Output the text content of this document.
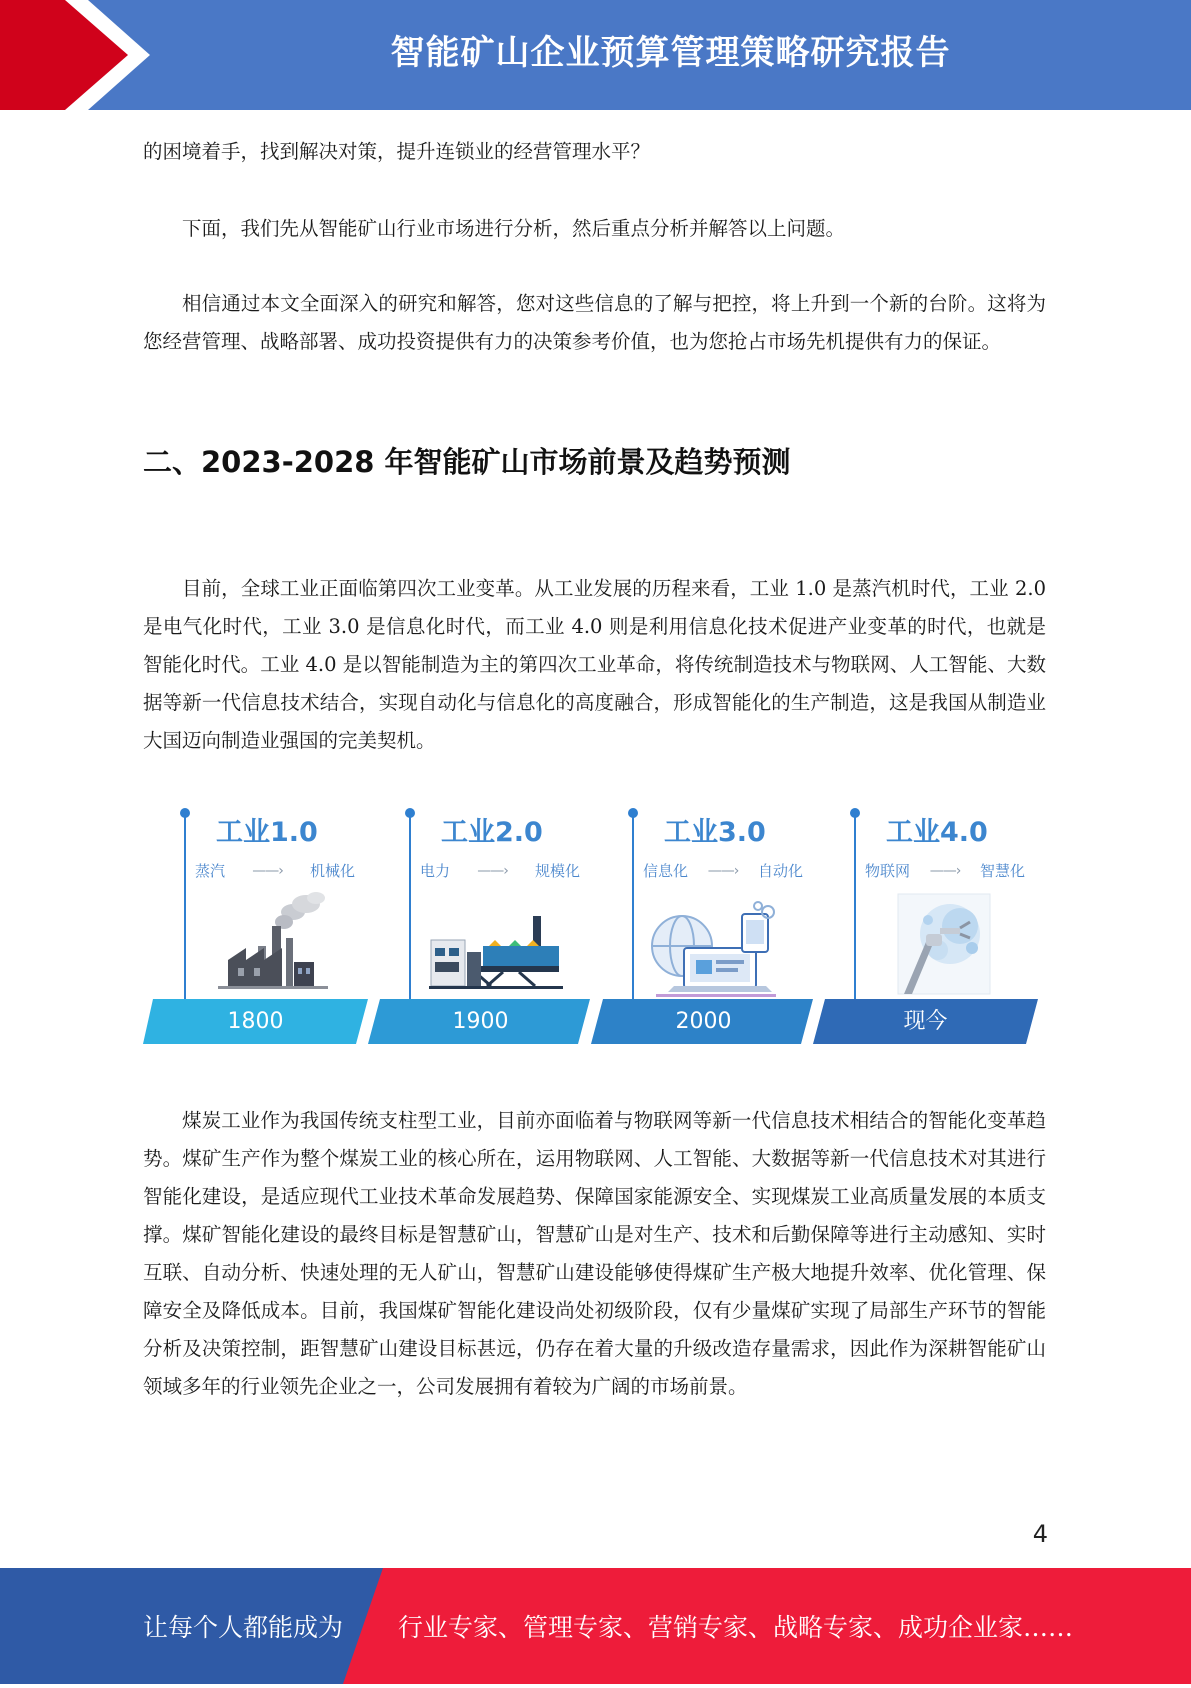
智能矿山企业预算管理策略研究报告

的困境着手，找到解决对策，提升连锁业的经营管理水平？

下面，我们先从智能矿山行业市场进行分析，然后重点分析并解答以上问题。

相信通过本文全面深入的研究和解答，您对这些信息的了解与把控，将上升到一个新的台阶。这将为您经营管理、战略部署、成功投资提供有力的决策参考价值，也为您抢占市场先机提供有力的保证。

二、2023-2028 年智能矿山市场前景及趋势预测

目前，全球工业正面临第四次工业变革。从工业发展的历程来看，工业 1.0 是蒸汽机时代，工业 2.0 是电气化时代，工业 3.0 是信息化时代，而工业 4.0 则是利用信息化技术促进产业变革的时代，也就是智能化时代。工业 4.0 是以智能制造为主的第四次工业革命，将传统制造技术与物联网、人工智能、大数据等新一代信息技术结合，实现自动化与信息化的高度融合，形成智能化的生产制造，这是我国从制造业大国迈向制造业强国的完美契机。

工业1.0
蒸汽 ——› 机械化
1800
工业2.0
电力 ——› 规模化
1900
工业3.0
信息化 ——› 自动化
2000
工业4.0
物联网 ——› 智慧化
现今

煤炭工业作为我国传统支柱型工业，目前亦面临着与物联网等新一代信息技术相结合的智能化变革趋势。煤矿生产作为整个煤炭工业的核心所在，运用物联网、人工智能、大数据等新一代信息技术对其进行智能化建设，是适应现代工业技术革命发展趋势、保障国家能源安全、实现煤炭工业高质量发展的本质支撑。煤矿智能化建设的最终目标是智慧矿山，智慧矿山是对生产、技术和后勤保障等进行主动感知、实时互联、自动分析、快速处理的无人矿山，智慧矿山建设能够使得煤矿生产极大地提升效率、优化管理、保障安全及降低成本。目前，我国煤矿智能化建设尚处初级阶段，仅有少量煤矿实现了局部生产环节的智能分析及决策控制，距智慧矿山建设目标甚远，仍存在着大量的升级改造存量需求，因此作为深耕智能矿山领域多年的行业领先企业之一，公司发展拥有着较为广阔的市场前景。

4
让每个人都能成为 行业专家、管理专家、营销专家、战略专家、成功企业家……
